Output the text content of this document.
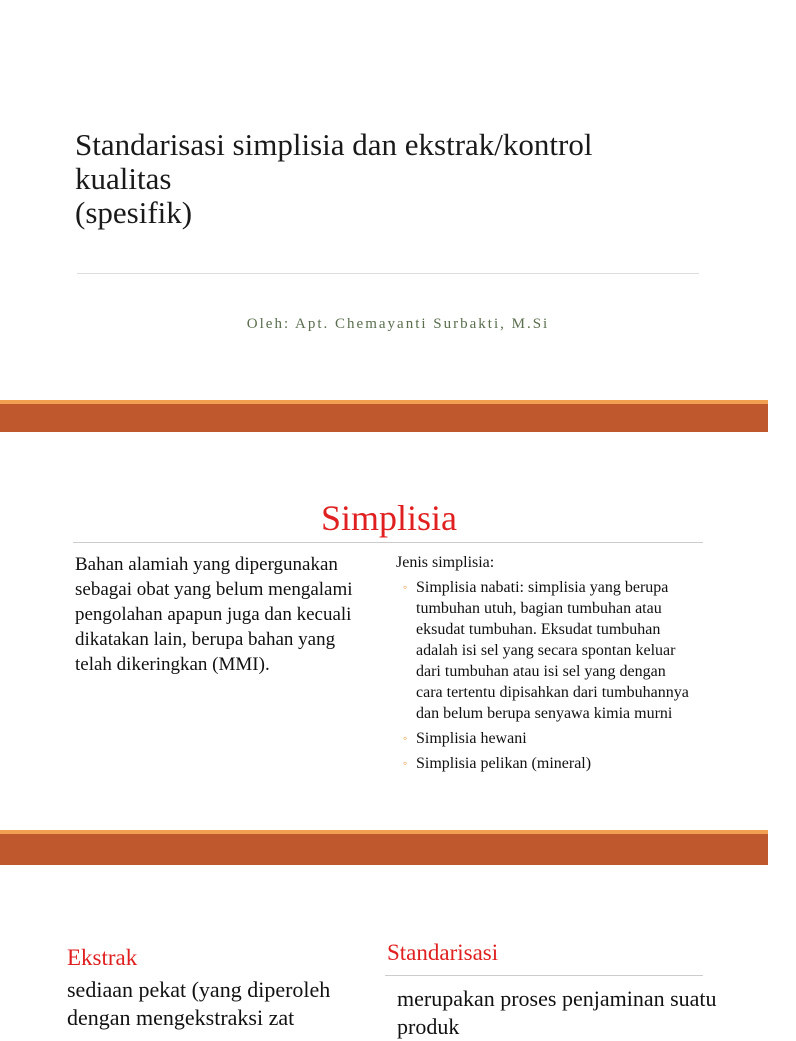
Standarisasi simplisia dan ekstrak/kontrol
kualitas
(spesifik)
Oleh: Apt. Chemayanti Surbakti, M.Si
Simplisia
Bahan alamiah yang dipergunakan sebagai obat yang belum mengalami pengolahan apapun juga dan kecuali dikatakan lain, berupa bahan yang telah dikeringkan (MMI).
Jenis simplisia:
◦ Simplisia nabati: simplisia yang berupa tumbuhan utuh, bagian tumbuhan atau eksudat tumbuhan. Eksudat tumbuhan adalah isi sel yang secara spontan keluar dari tumbuhan atau isi sel yang dengan cara tertentu dipisahkan dari tumbuhannya dan belum berupa senyawa kimia murni
◦ Simplisia hewani
◦ Simplisia pelikan (mineral)
Ekstrak	Standarisasi
sediaan pekat (yang diperoleh dengan mengekstraksi zat
merupakan proses penjaminan suatu produk
